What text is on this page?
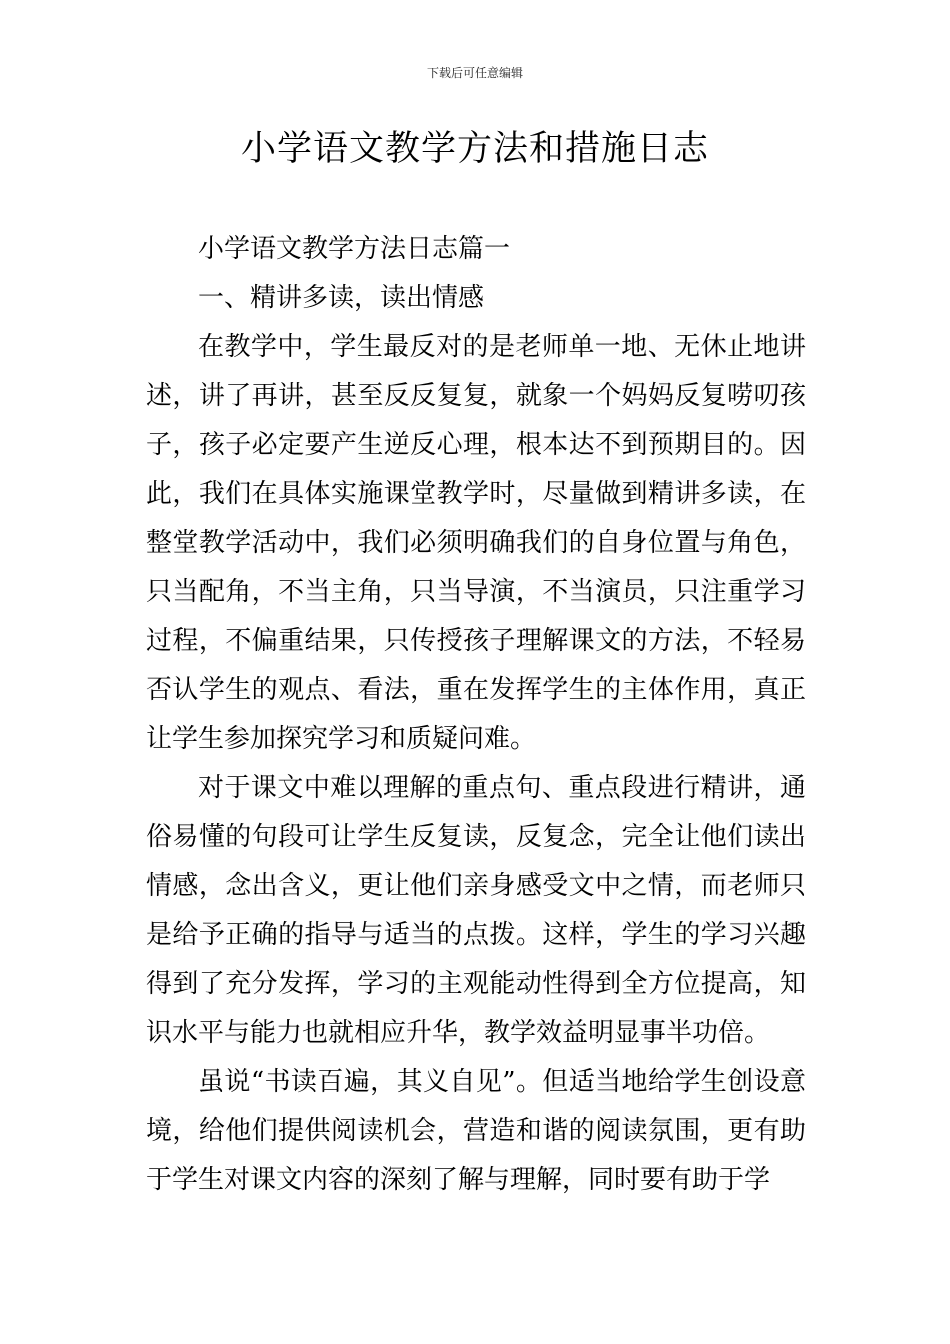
下载后可任意编辑
小学语文教学方法和措施日志

小学语文教学方法日志篇一

一、精讲多读，读出情感

在教学中，学生最反对的是老师单一地、无休止地讲述，讲了再讲，甚至反反复复，就象一个妈妈反复唠叨孩子，孩子必定要产生逆反心理，根本达不到预期目的。因此，我们在具体实施课堂教学时，尽量做到精讲多读，在整堂教学活动中，我们必须明确我们的自身位置与角色，只当配角，不当主角，只当导演，不当演员，只注重学习过程，不偏重结果，只传授孩子理解课文的方法，不轻易否认学生的观点、看法，重在发挥学生的主体作用，真正让学生参加探究学习和质疑问难。

对于课文中难以理解的重点句、重点段进行精讲，通俗易懂的句段可让学生反复读，反复念，完全让他们读出情感，念出含义，更让他们亲身感受文中之情，而老师只是给予正确的指导与适当的点拨。这样，学生的学习兴趣得到了充分发挥，学习的主观能动性得到全方位提高，知识水平与能力也就相应升华，教学效益明显事半功倍。

虽说“书读百遍，其义自见”。但适当地给学生创设意境，给他们提供阅读机会，营造和谐的阅读氛围，更有助于学生对课文内容的深刻了解与理解，同时要有助于学
